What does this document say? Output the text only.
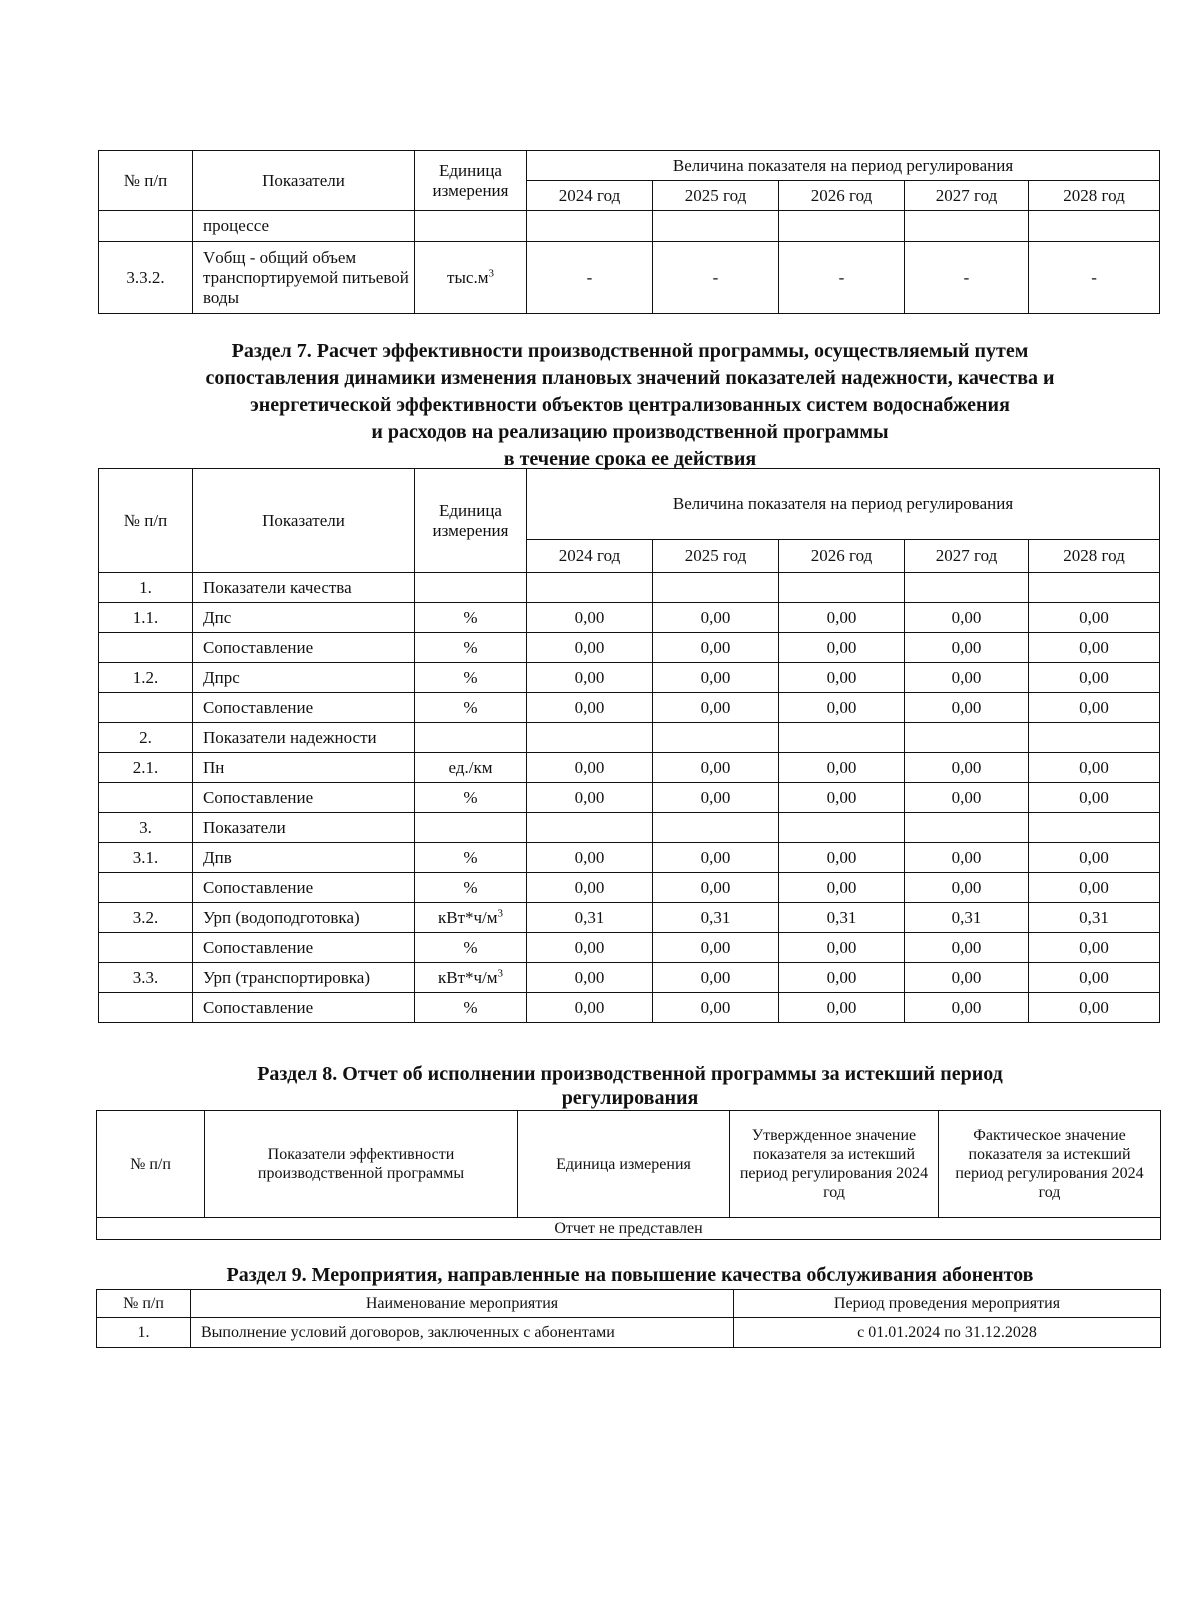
№ п/п	Показатели	Единица измерения	Величина показателя на период регулирования				
			2024 год	2025 год	2026 год	2027 год	2028 год
	процессе						
3.3.2.	Vобщ - общий объем транспортируемой питьевой воды	$тыс.м^3$	-	-	-	-	-
Раздел 7. Расчет эффективности производственной программы, осуществляемый путем
сопоставления динамики изменения плановых значений показателей надежности, качества и
энергетической эффективности объектов централизованных систем водоснабжения
и расходов на реализацию производственной программы
в течение срока ее действия
№ п/п	Показатели	Единица измерения	Величина показателя на период регулирования				
			2024 год	2025 год	2026 год	2027 год	2028 год
1.	Показатели качества						
1.1.	Дпс	%	0,00	0,00	0,00	0,00	0,00
	Сопоставление	%	0,00	0,00	0,00	0,00	0,00
1.2.	Дпрс	%	0,00	0,00	0,00	0,00	0,00
	Сопоставление	%	0,00	0,00	0,00	0,00	0,00
2.	Показатели надежности						
2.1.	Пн	ед./км	0,00	0,00	0,00	0,00	0,00
	Сопоставление	%	0,00	0,00	0,00	0,00	0,00
3.	Показатели						
3.1.	Дпв	%	0,00	0,00	0,00	0,00	0,00
	Сопоставление	%	0,00	0,00	0,00	0,00	0,00
3.2.	Урп (водоподготовка)	$кВт*ч/м^3$	0,31	0,31	0,31	0,31	0,31
	Сопоставление	%	0,00	0,00	0,00	0,00	0,00
3.3.	Урп (транспортировка)	$кВт*ч/м^3$	0,00	0,00	0,00	0,00	0,00
	Сопоставление	%	0,00	0,00	0,00	0,00	0,00
Раздел 8. Отчет об исполнении производственной программы за истекший период
регулирования
№ п/п	Показатели эффективности производственной программы	Единица измерения	Утвержденное значение показателя за истекший период регулирования 2024 год	Фактическое значение показателя за истекший период регулирования 2024 год
Отчет не представлен
Раздел 9. Мероприятия, направленные на повышение качества обслуживания абонентов
№ п/п	Наименование мероприятия	Период проведения мероприятия
1.	Выполнение условий договоров, заключенных с абонентами	с 01.01.2024 по 31.12.2028
